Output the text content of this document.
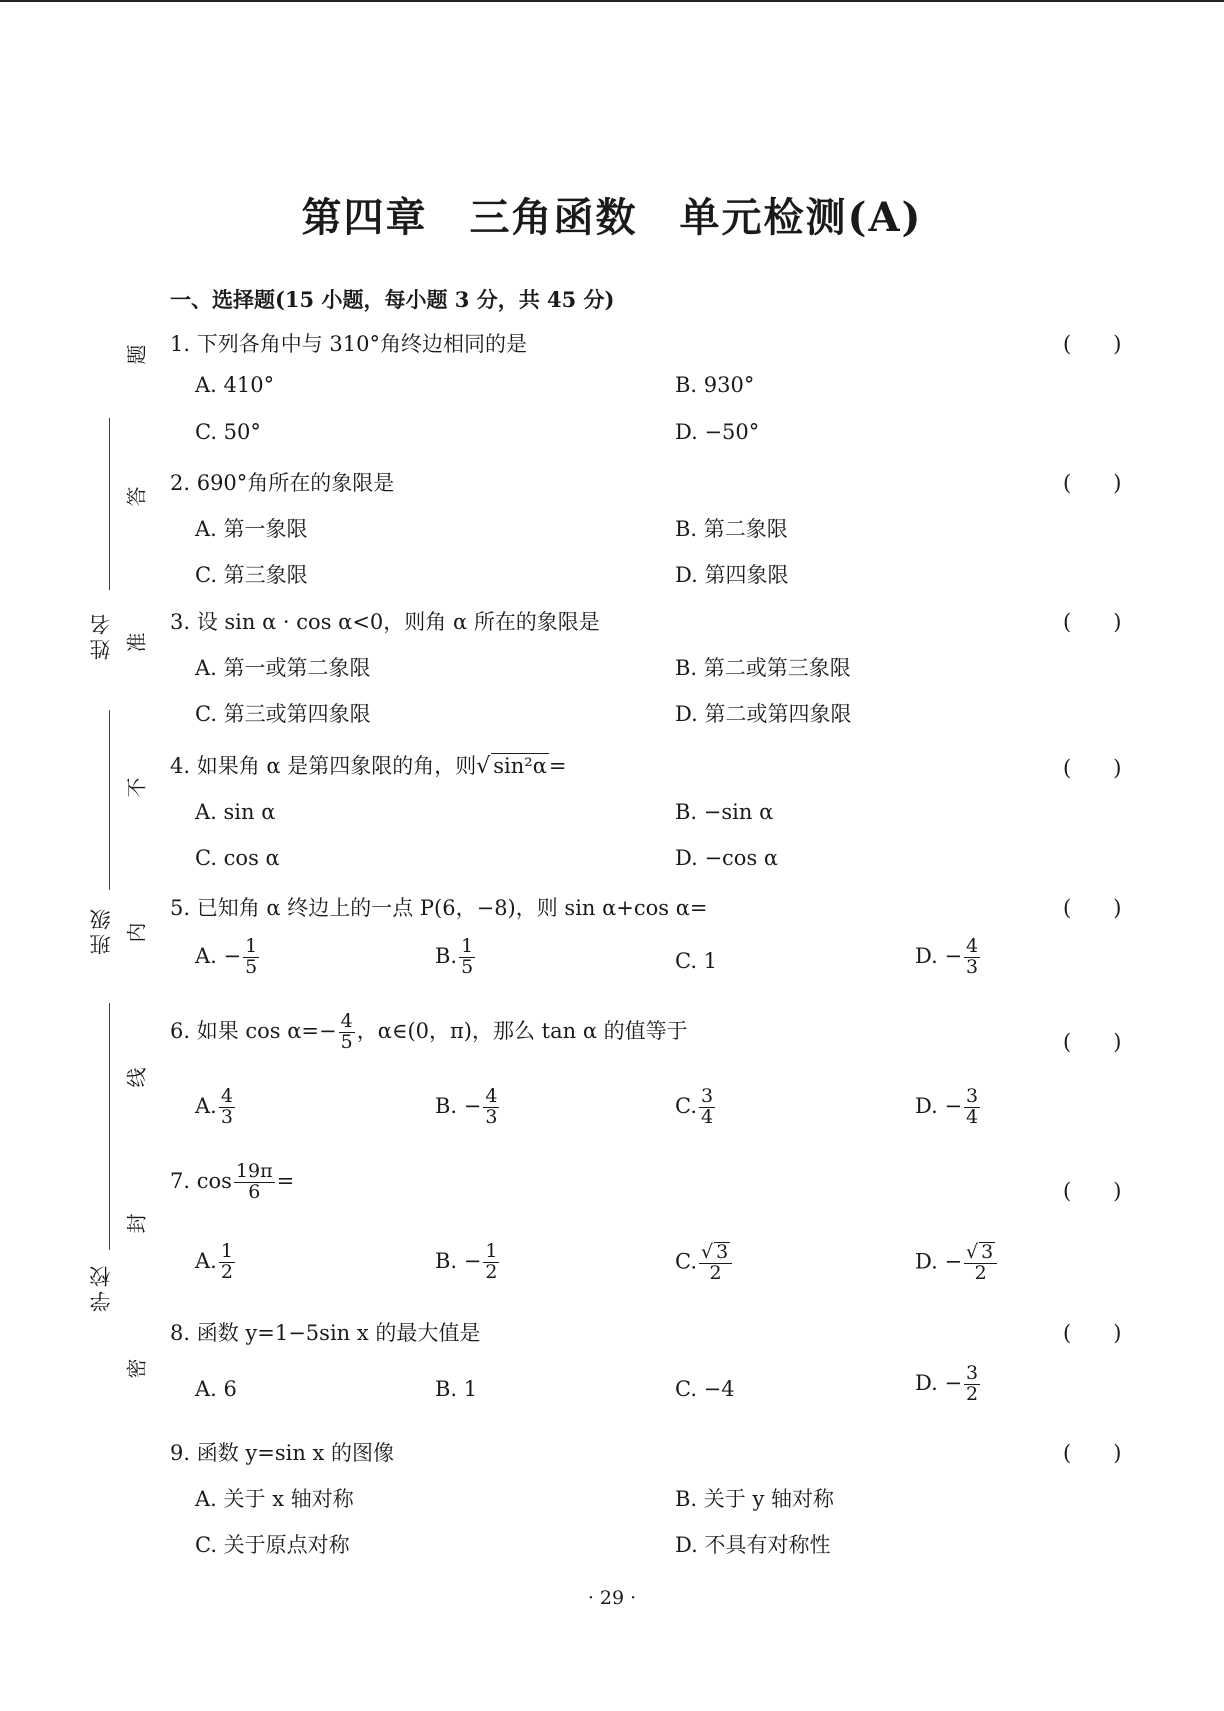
姓名
班级
学校
题
答
准
不
内
线
封
密
第四章　三角函数　单元检测(A)
一、选择题(15 小题，每小题 3 分，共 45 分)
1. 下列各角中与 310°角终边相同的是	(　　)
A. 410°	B. 930°
C. 50°	D. −50°
2. 690°角所在的象限是	(　　)
A. 第一象限	B. 第二象限
C. 第三象限	D. 第四象限
3. 设 sin α · cos α<0，则角 α 所在的象限是	(　　)
A. 第一或第二象限	B. 第二或第三象限
C. 第三或第四象限	D. 第二或第四象限
4. 如果角 α 是第四象限的角，则√ sin²α=	(　　)
A. sin α	B. −sin α
C. cos α	D. −cos α
5. 已知角 α 终边上的一点 P(6，−8)，则 sin α+cos α=	(　　)
A. − $\frac{1}{5}$	B. $\frac{1}{5}$	C. 1	D. − $\frac{4}{3}$
6. 如果 $\cos \alpha=- \frac{4}{5}$ ，α∈(0，π)，那么 tan α 的值等于	(　　)
A. $\frac{4}{3}$	B. − $\frac{4}{3}$	C. $\frac{3}{4}$	D. − $\frac{3}{4}$
7. $\cos \frac{19\pi}{6}$ =	(　　)
A. $\frac{1}{2}$	B. − $\frac{1}{2}$	C. $\frac{√ 3}{2}$	D. − $\frac{√ 3}{2}$
8. 函数 y=1−5sin x 的最大值是	(　　)
A. 6	B. 1	C. −4	D. − $\frac{3}{2}$
9. 函数 y=sin x 的图像	(　　)
A. 关于 x 轴对称	B. 关于 y 轴对称
C. 关于原点对称	D. 不具有对称性
· 29 ·
